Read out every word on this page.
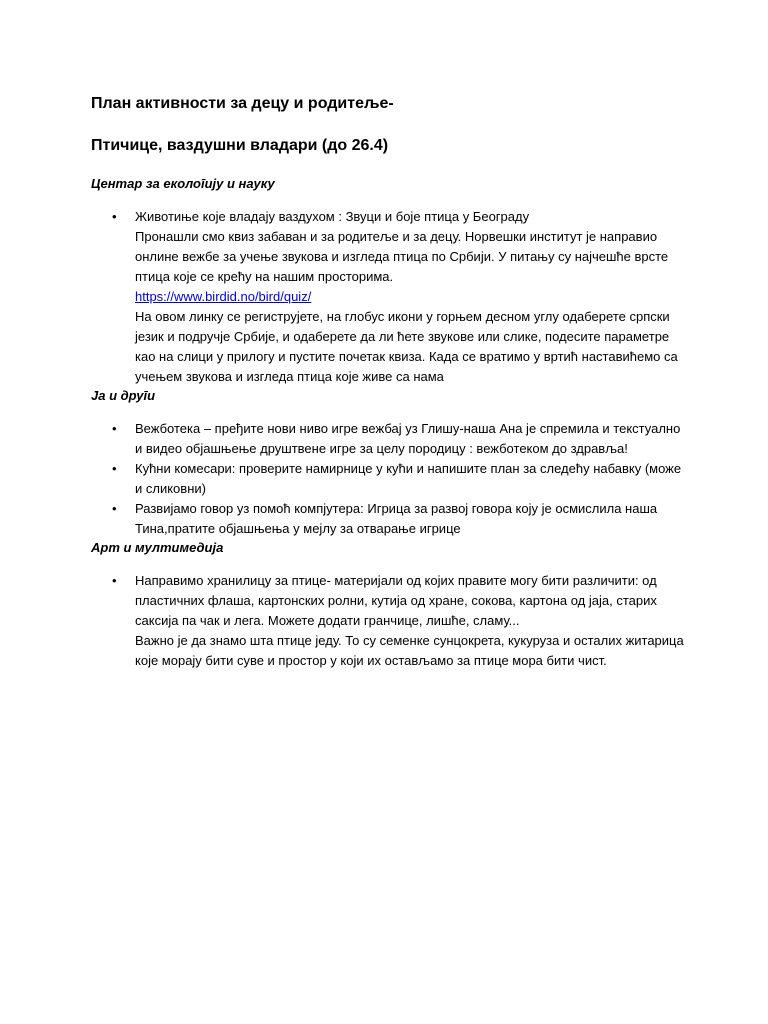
План активности за децу и родитеље-
Птичице, ваздушни владари (до 26.4)
Центар за еколоīију и науку
• Животиње које владају ваздухом : Звуци и боје птица у Београду
Пронашли смо квиз забаван и за родитеље и за децу. Норвешки институт је направио
онлине вежбе за учење звукова и изгледа птица по Србији. У питању су најчешће врсте
птица које се крећу на нашим просторима.
https://www.birdid.no/bird/quiz/
На овом линку се региструјете, на глобус икони у горњем десном углу одаберете српски
језик и подручје Србије, и одаберете да ли ћете звукове или слике, подесите параметре
као на слици у прилогу и пустите почетак квиза. Када се вратимо у вртић наставићемо са
учењем звукова и изгледа птица које живе са нама
Ја и друīи
• Вежботека – пређите нови ниво игре вежбај уз Глишу-наша Ана је спремила и текстуално
и видео објашњење друштвене игре за целу породицу : вежботеком до здравља!
• Кућни комесари: проверите намирнице у кући и напишите план за следећу набавку (може
и сликовни)
• Развијамо говор уз помоћ компјутера: Игрица за развој говора коју је осмислила наша
Тина,пратите објашњења у мејлу за отварање игрице
Арт и мултимедија
• Направимо хранилицу за птице- материјали од којих правите могу бити различити: од
пластичних флаша, картонских ролни, кутија од хране, сокова, картона од јаја, старих
саксија па чак и лега. Можете додати гранчице, лишће, сламу...
Важно је да знамо шта птице једу. То су семенке сунцокрета, кукуруза и осталих житарица
које морају бити суве и простор у који их остављамо за птице мора бити чист.
